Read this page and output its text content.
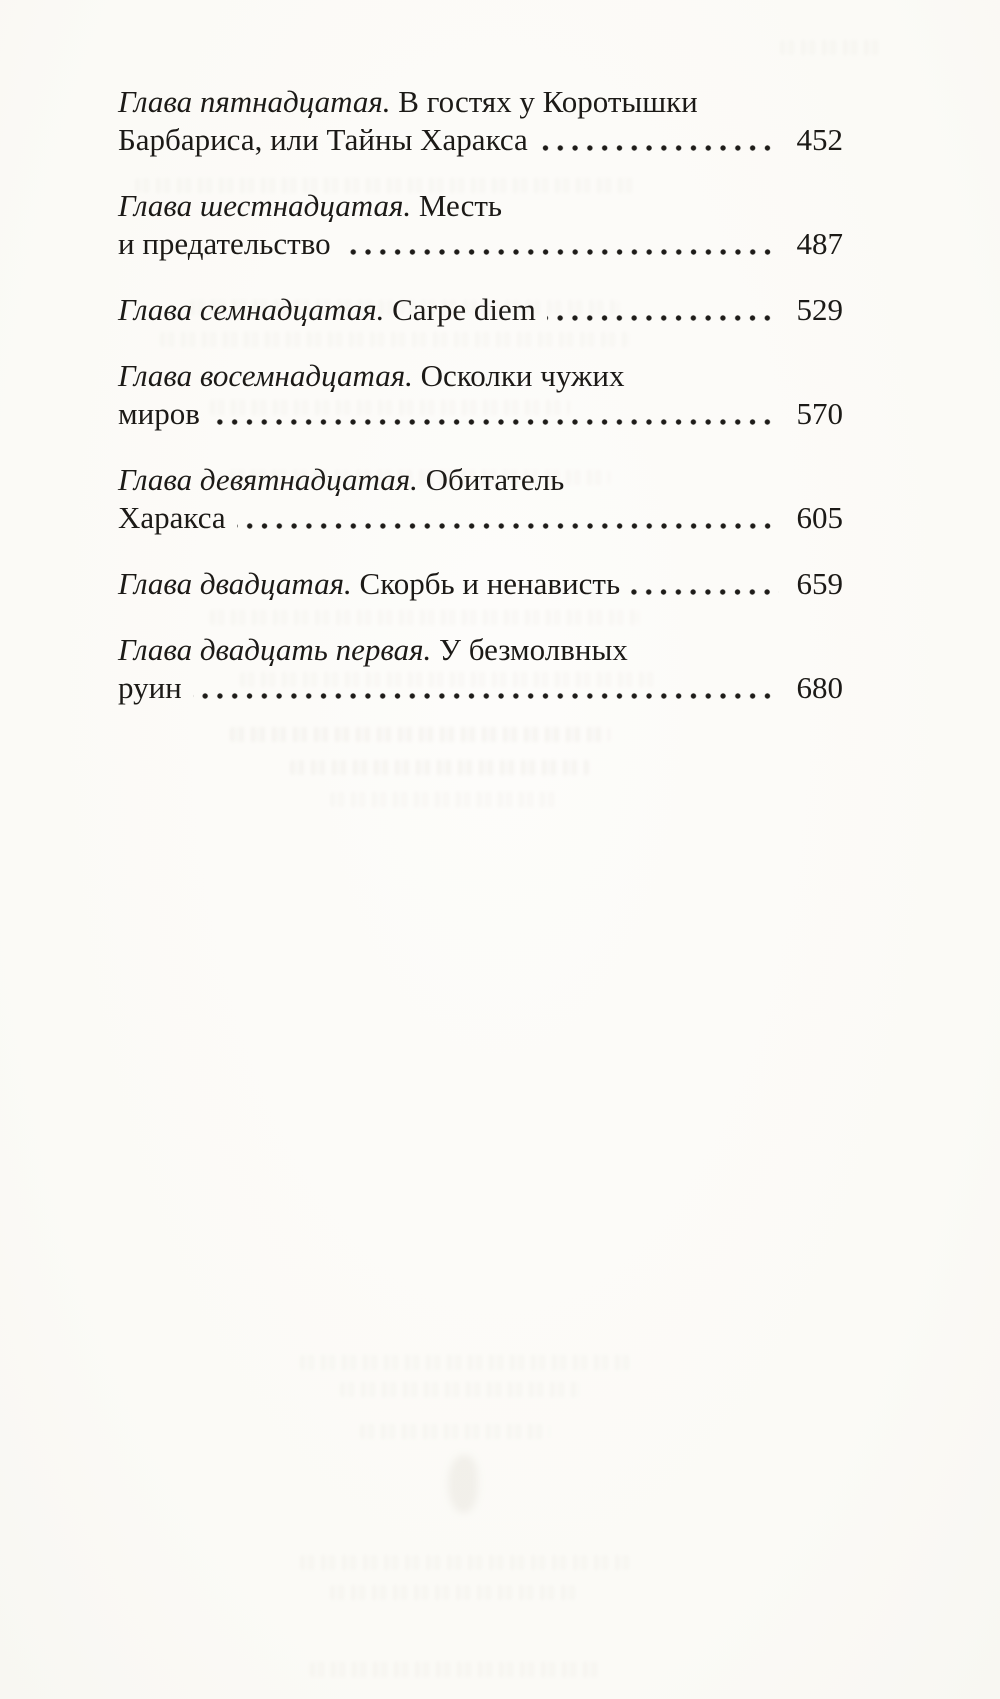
Глава пятнадцатая. В гостях у Коротышки
Барбариса, или Тайны Харакса	452
Глава шестнадцатая. Месть
и предательство	487
Глава семнадцатая. Carpe diem	529
Глава восемнадцатая. Осколки чужих
миров	570
Глава девятнадцатая. Обитатель
Харакса	605
Глава двадцатая. Скорбь и ненависть	659
Глава двадцать первая. У безмолвных
руин	680
